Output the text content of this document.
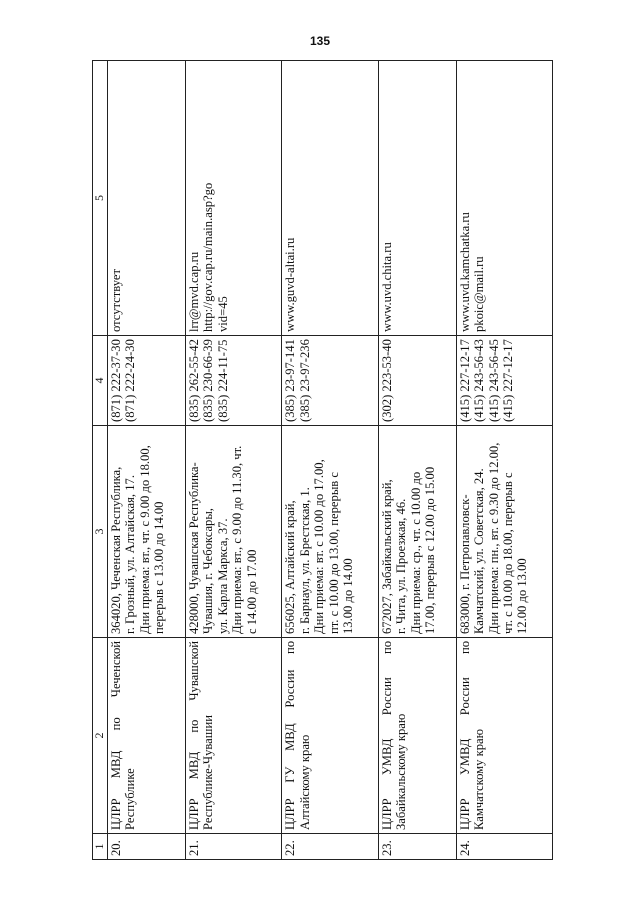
135
1	2	3	4	5
20.	ЦЛРР МВД по Чеченской Республике	364020, Чеченская Республика, г. Грозный, ул. Алтайская, 17. Дни приема: вт., чт. с 9.00 до 18.00, перерыв с 13.00 до 14.00	(871) 222-37-30 (871) 222-24-30	отсутствует

21.	ЦЛРР МВД по Чувашской Республике-Чувашии	428000, Чувашская Республика- Чувашия, г. Чебоксары, ул. Карла Маркса, 37. Дни приема: вт., с 9.00 до 11.30, чт. с 14.00 до 17.00	(835) 262-55-42 (835) 230-66-39 (835) 224-11-75	lrr@mvd.cap.ru http://gov.cap.ru/main.asp?go vid=45

22.	ЦЛРР ГУ МВД России по Алтайскому краю	656025, Алтайский край, г. Барнаул, ул. Брестская, 1. Дни приема: вт. с 10.00 до 17.00, пт. с 10.00 до 13.00, перерыв с 13.00 до 14.00	(385) 23-97-141 (385) 23-97-236	www.guvd-altai.ru

23.	ЦЛРР УМВД России по Забайкальскому краю	672027, Забайкальский край, г. Чита, ул. Проезжая, 46. Дни приема: ср., чт. с 10.00 до 17.00, перерыв с 12.00 до 15.00	(302) 223-53-40	www.uvd.chita.ru

24.	ЦЛРР УМВД России по Камчатскому краю	683000, г. Петропавловск- Камчатский, ул. Советская, 24. Дни приема: пн., вт. с 9.30 до 12.00, чт. с 10.00 до 18.00, перерыв с 12.00 до 13.00	(415) 227-12-17 (415) 243-56-43 (415) 243-56-45 (415) 227-12-17	www.uvd.kamchatka.ru pkoic@mail.ru
